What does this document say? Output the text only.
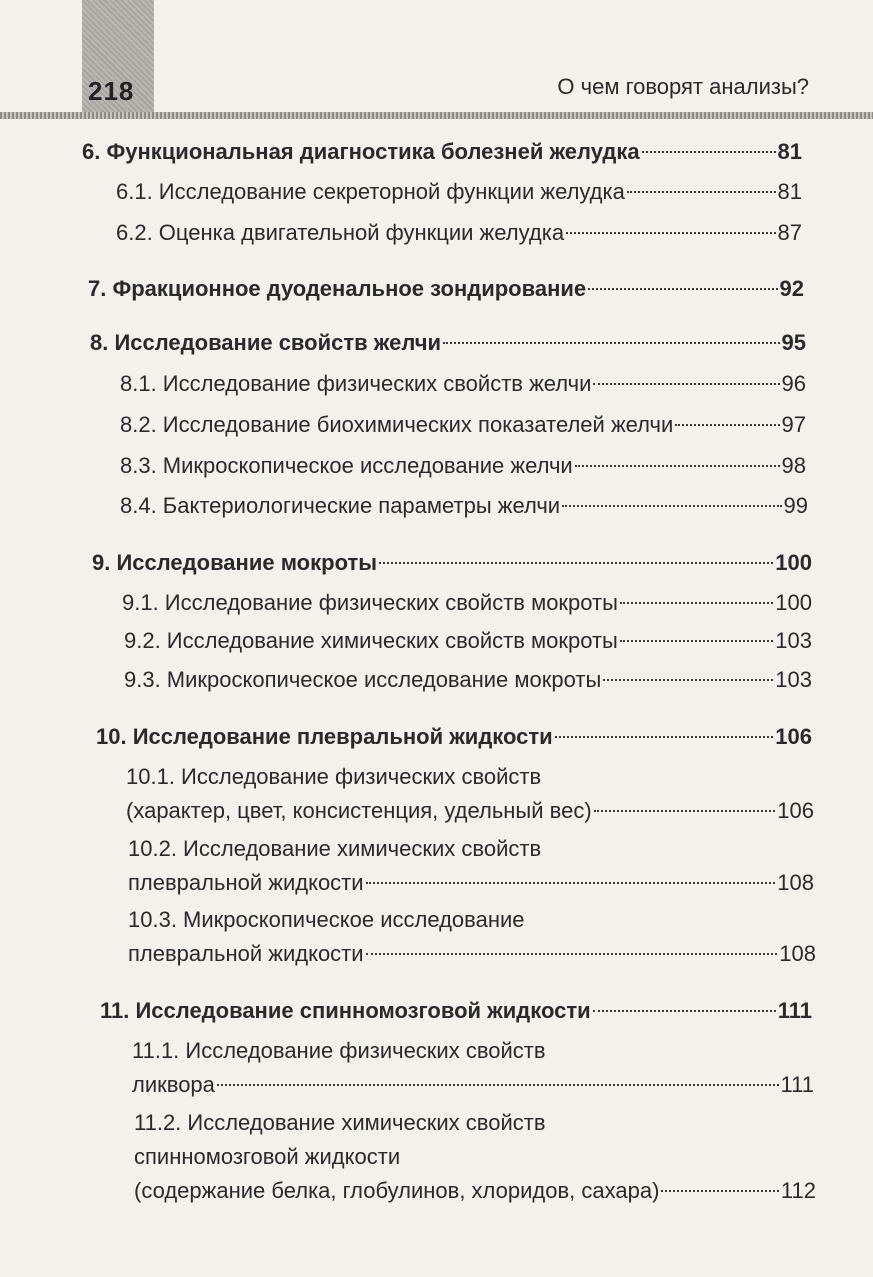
218	О чем говорят анализы?
6. Функциональная диагностика болезней желудка	81
6.1. Исследование секреторной функции желудка	81
6.2. Оценка двигательной функции желудка	87
7. Фракционное дуоденальное зондирование	92
8. Исследование свойств желчи	95
8.1. Исследование физических свойств желчи	96
8.2. Исследование биохимических показателей желчи	97
8.3. Микроскопическое исследование желчи	98
8.4. Бактериологические параметры желчи	99
9. Исследование мокроты	100
9.1. Исследование физических свойств мокроты	100
9.2. Исследование химических свойств мокроты	103
9.3. Микроскопическое исследование мокроты	103
10. Исследование плевральной жидкости	106
10.1. Исследование физических свойств
(характер, цвет, консистенция, удельный вес)	106
10.2. Исследование химических свойств
плевральной жидкости	108
10.3. Микроскопическое исследование
плевральной жидкости	108
11. Исследование спинномозговой жидкости	111
11.1. Исследование физических свойств
ликвора	111
11.2. Исследование химических свойств
спинномозговой жидкости
(содержание белка, глобулинов, хлоридов, сахара)	112
